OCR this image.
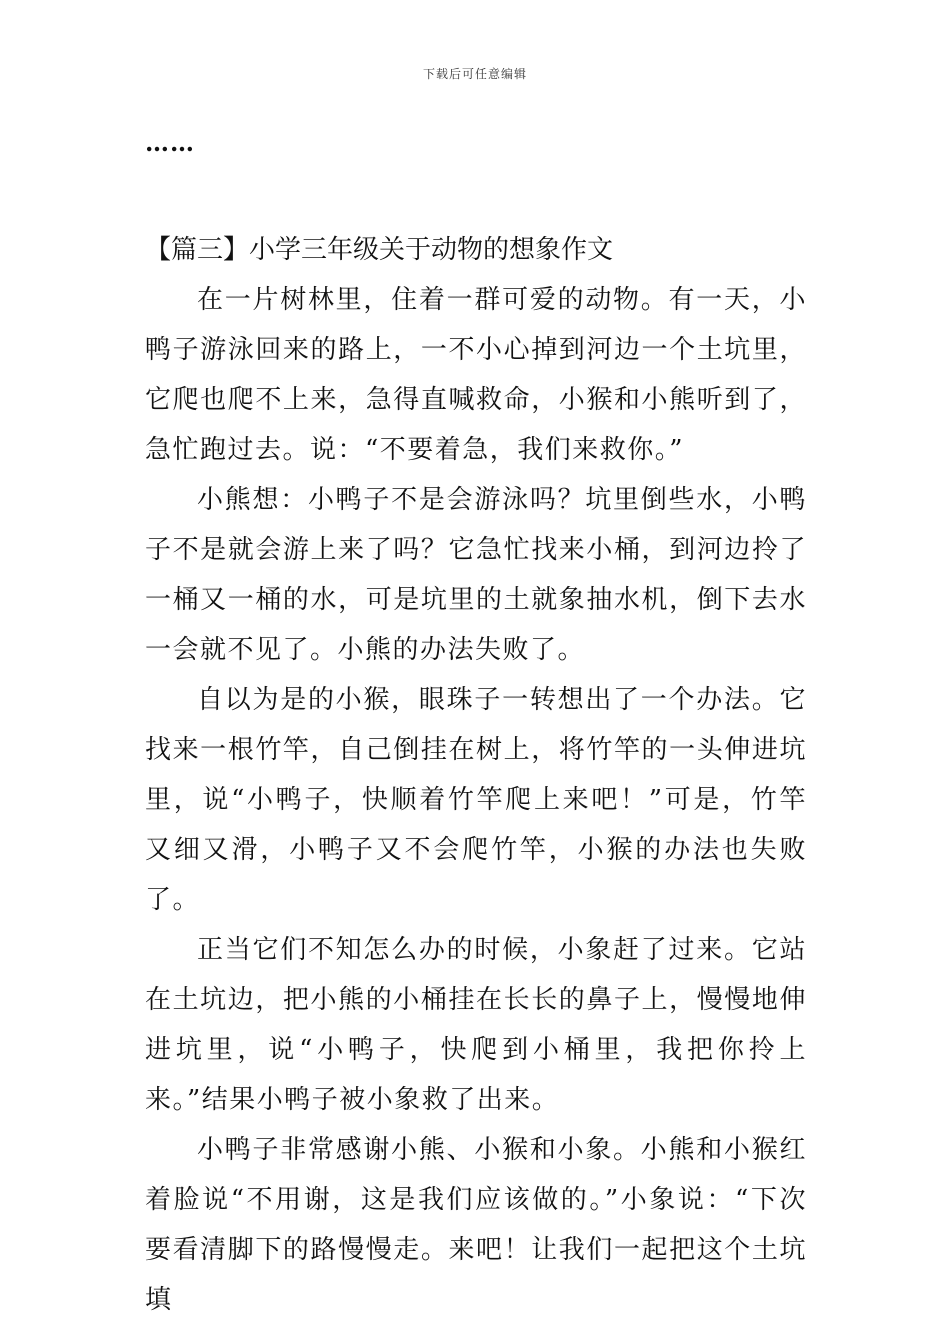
下载后可任意编辑
……

【篇三】小学三年级关于动物的想象作文

在一片树林里，住着一群可爱的动物。有一天，小鸭子游泳回来的路上，一不小心掉到河边一个土坑里，它爬也爬不上来，急得直喊救命，小猴和小熊听到了，急忙跑过去。说：“不要着急，我们来救你。”

小熊想：小鸭子不是会游泳吗？坑里倒些水，小鸭子不是就会游上来了吗？它急忙找来小桶，到河边拎了一桶又一桶的水，可是坑里的土就象抽水机，倒下去水一会就不见了。小熊的办法失败了。

自以为是的小猴，眼珠子一转想出了一个办法。它找来一根竹竿，自己倒挂在树上，将竹竿的一头伸进坑里，说“小鸭子，快顺着竹竿爬上来吧！”可是，竹竿又细又滑，小鸭子又不会爬竹竿，小猴的办法也失败了。

正当它们不知怎么办的时候，小象赶了过来。它站在土坑边，把小熊的小桶挂在长长的鼻子上，慢慢地伸进坑里，说“小鸭子，快爬到小桶里，我把你拎上来。”结果小鸭子被小象救了出来。

小鸭子非常感谢小熊、小猴和小象。小熊和小猴红着脸说“不用谢，这是我们应该做的。”小象说：“下次要看清脚下的路慢慢走。来吧！让我们一起把这个土坑填
